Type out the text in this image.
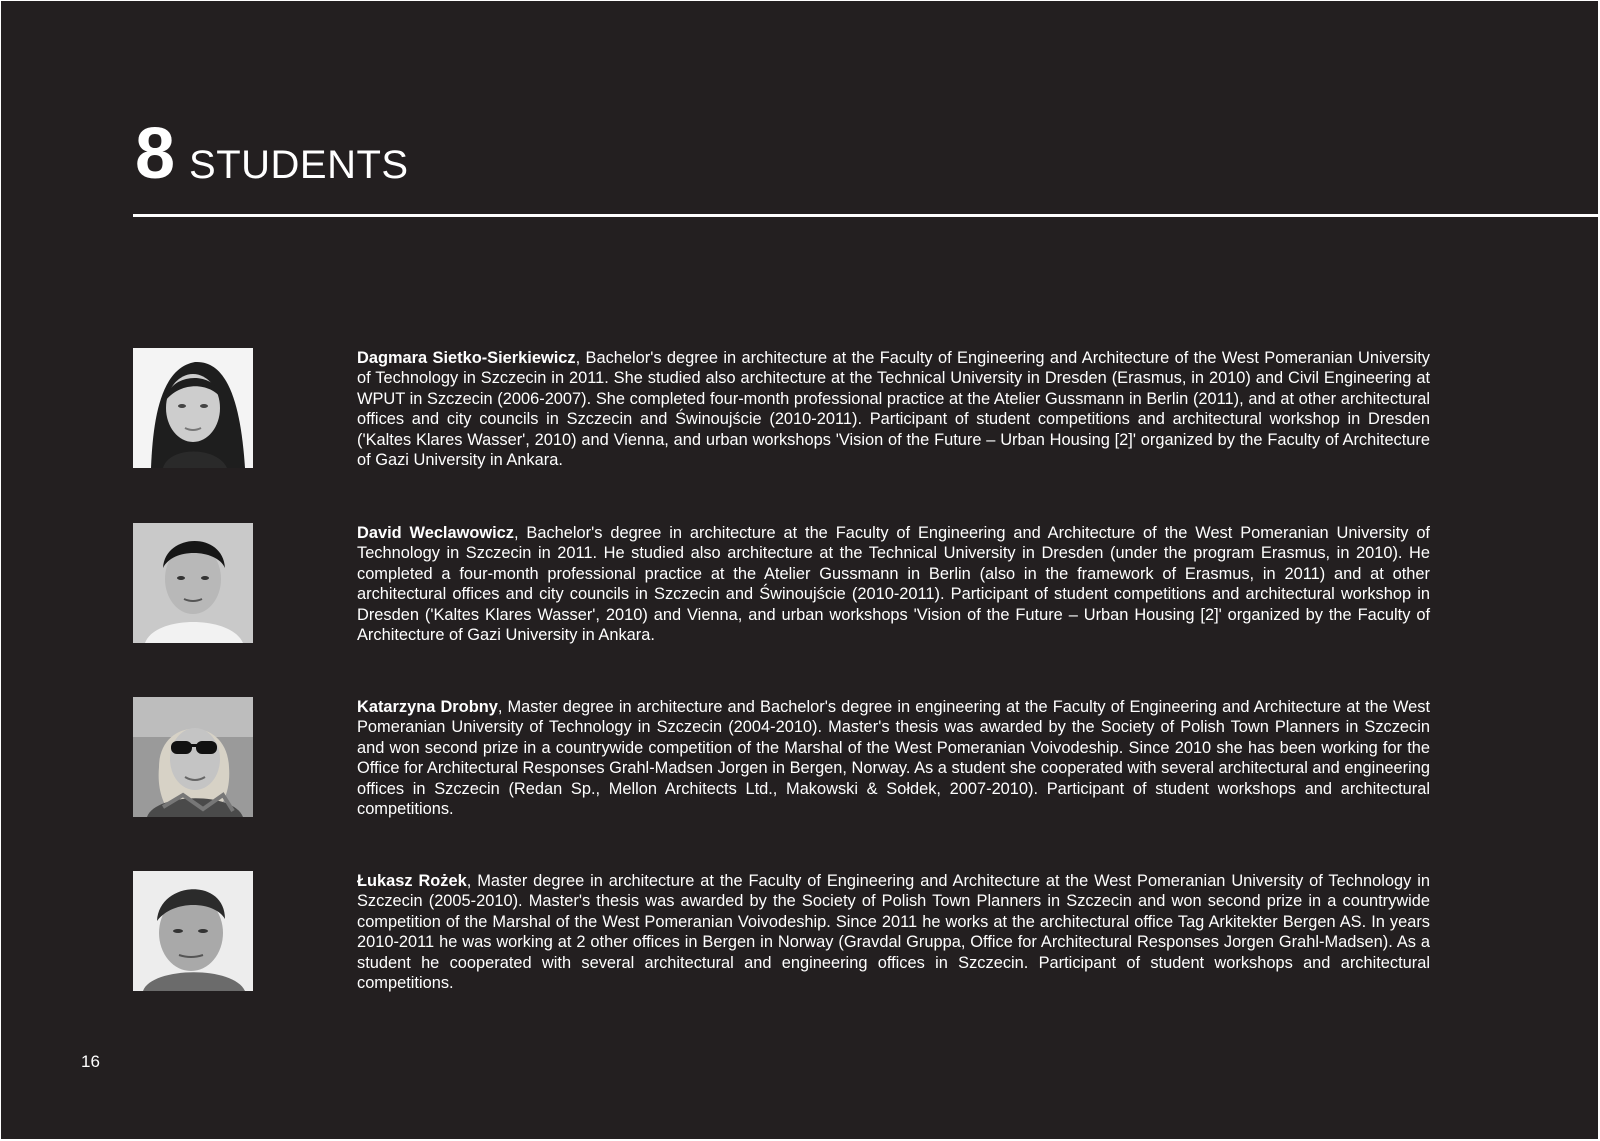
8 STUDENTS

Dagmara Sietko-Sierkiewicz, Bachelor's degree in architecture at the Faculty of Engineering and Architecture of the West Pomeranian University of Technology in Szczecin in 2011. She studied also architecture at the Technical University in Dresden (Erasmus, in 2010) and Civil Engineering at WPUT in Szczecin (2006-2007). She completed four-month professional practice at the Atelier Gussmann in Berlin (2011), and at other architectural offices and city councils in Szczecin and Świnoujście (2010-2011). Participant of student competitions and architectural workshop in Dresden ('Kaltes Klares Wasser', 2010) and Vienna, and urban workshops 'Vision of the Future – Urban Housing [2]' organized by the Faculty of Architecture of Gazi University in Ankara.

David Weclawowicz, Bachelor's degree in architecture at the Faculty of Engineering and Architecture of the West Pomeranian University of Technology in Szczecin in 2011. He studied also architecture at the Technical University in Dresden (under the program Erasmus, in 2010). He completed a four-month professional practice at the Atelier Gussmann in Berlin (also in the framework of Erasmus, in 2011) and at other architectural offices and city councils in Szczecin and Świnoujście (2010-2011). Participant of student competitions and architectural workshop in Dresden ('Kaltes Klares Wasser', 2010) and Vienna, and urban workshops 'Vision of the Future – Urban Housing [2]' organized by the Faculty of Architecture of Gazi University in Ankara.

Katarzyna Drobny, Master degree in architecture and Bachelor's degree in engineering at the Faculty of Engineering and Architecture at the West Pomeranian University of Technology in Szczecin (2004-2010). Master's thesis was awarded by the Society of Polish Town Planners in Szczecin and won second prize in a countrywide competition of the Marshal of the West Pomeranian Voivodeship. Since 2010 she has been working for the Office for Architectural Responses Grahl-Madsen Jorgen in Bergen, Norway. As a student she cooperated with several architectural and engineering offices in Szczecin (Redan Sp., Mellon Architects Ltd., Makowski & Sołdek, 2007-2010). Participant of student workshops and architectural competitions.

Łukasz Rożek, Master degree in architecture at the Faculty of Engineering and Architecture at the West Pomeranian University of Technology in Szczecin (2005-2010). Master's thesis was awarded by the Society of Polish Town Planners in Szczecin and won second prize in a countrywide competition of the Marshal of the West Pomeranian Voivodeship. Since 2011 he works at the architectural office Tag Arkitekter Bergen AS. In years 2010-2011 he was working at 2 other offices in Bergen in Norway (Gravdal Gruppa, Office for Architectural Responses Jorgen Grahl-Madsen). As a student he cooperated with several architectural and engineering offices in Szczecin. Participant of student workshops and architectural competitions.

16
